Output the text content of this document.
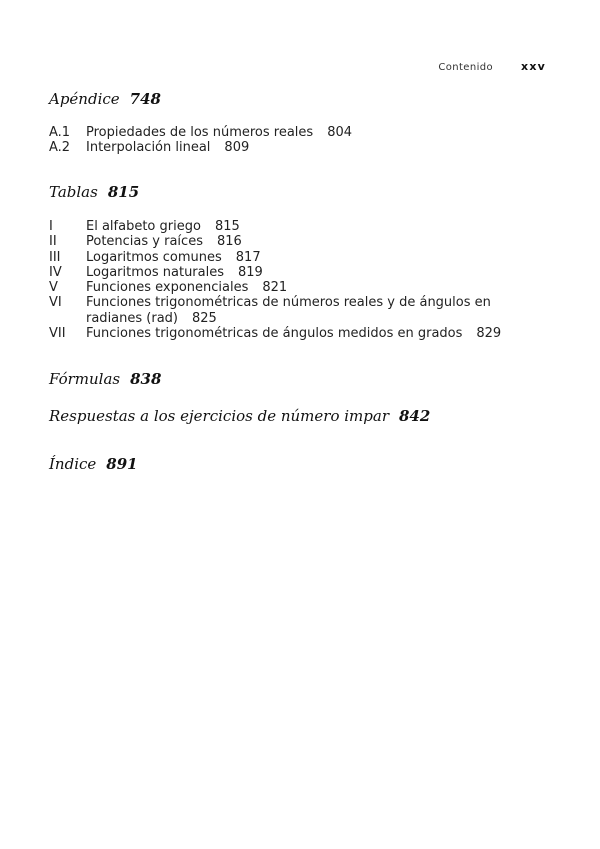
Contenido	xxv
Apéndice 748
A.1	Propiedades de los números reales 804
A.2	Interpolación lineal 809
Tablas 815
I	El alfabeto griego 815
II	Potencias y raíces 816
III	Logaritmos comunes 817
IV	Logaritmos naturales 819
V	Funciones exponenciales 821
VI	Funciones trigonométricas de números reales y de ángulos en radianes (rad) 825
VII	Funciones trigonométricas de ángulos medidos en grados 829
Fórmulas 838
Respuestas a los ejercicios de número impar 842
Índice 891
